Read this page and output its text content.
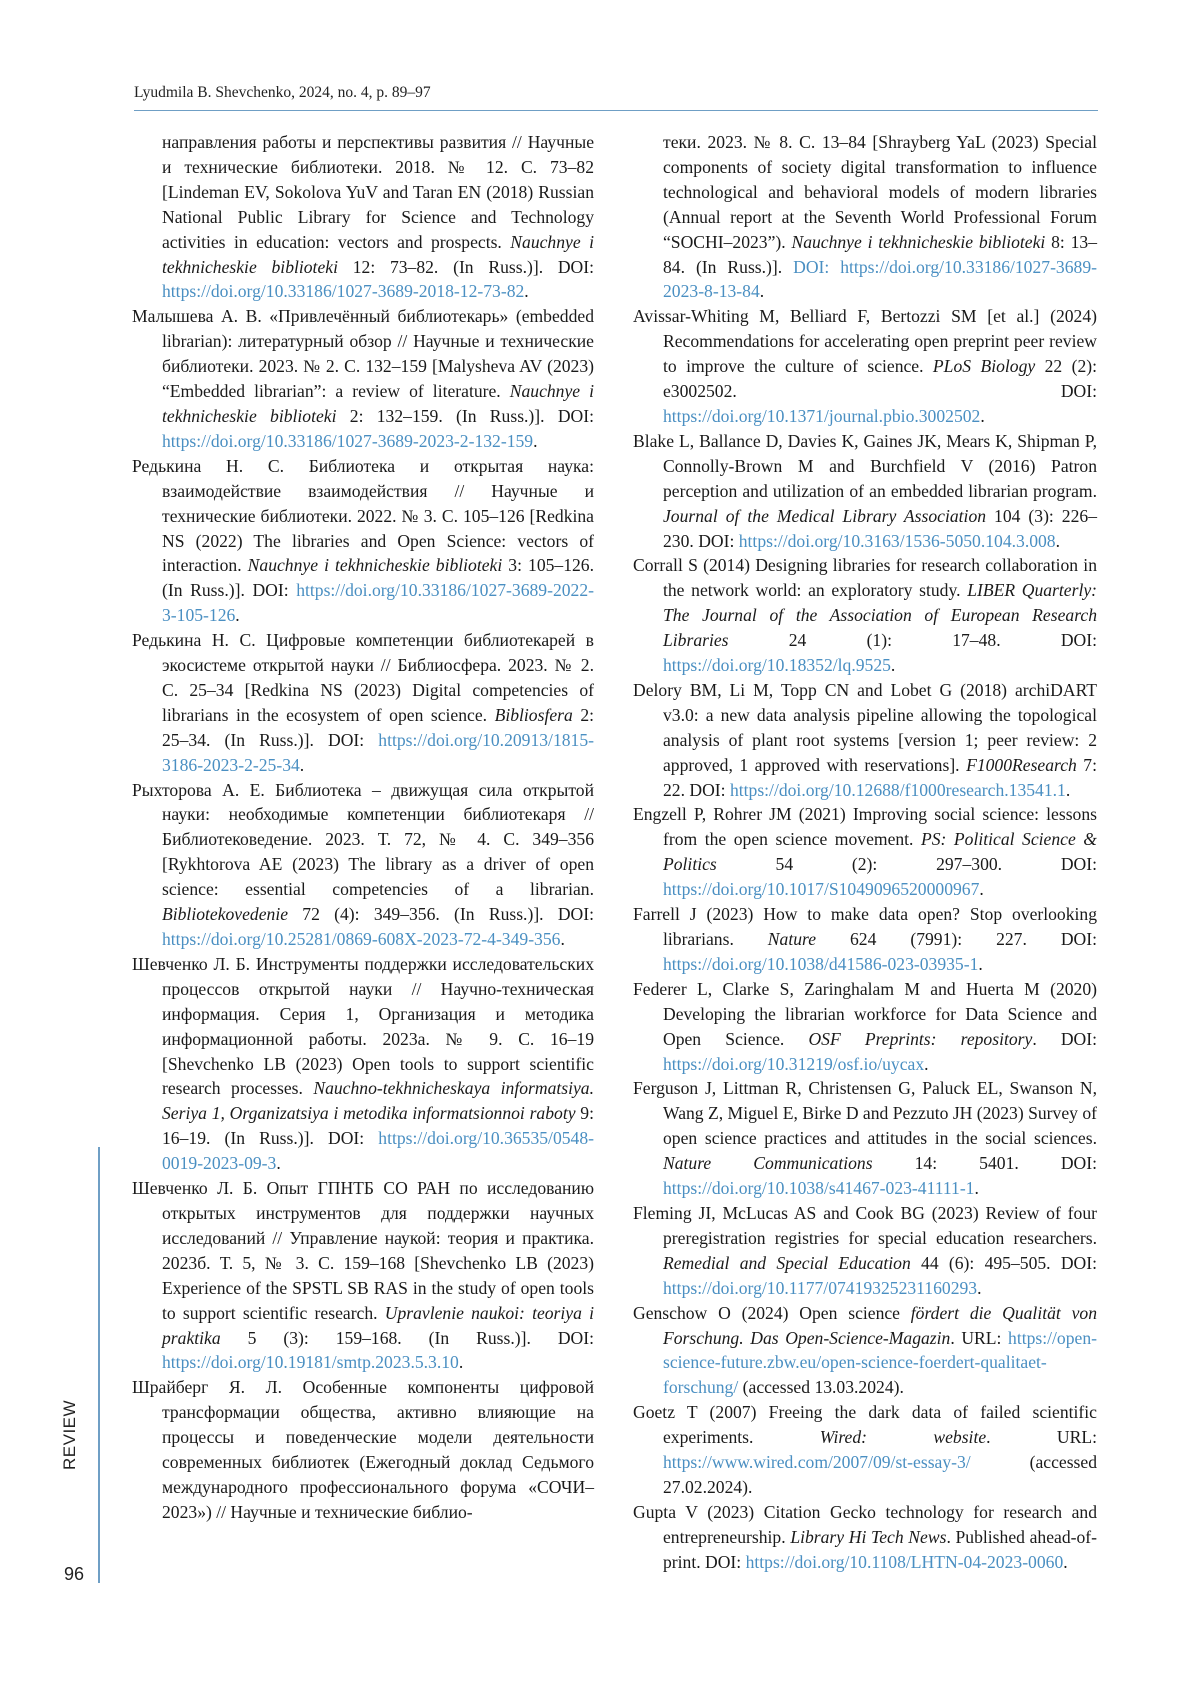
Lyudmila B. Shevchenko, 2024, no. 4, p. 89–97

направления работы и перспективы развития // Научные и технические библиотеки. 2018. № 12. С. 73–82 [Lindeman EV, Sokolova YuV and Taran EN (2018) Russian National Public Library for Science and Technology activities in education: vectors and prospects. Nauchnye i tekhnicheskie biblioteki 12: 73–82. (In Russ.)]. DOI: https://doi.org/10.33186/1027-3689-2018-12-73-82.

Малышева А. В. «Привлечённый библиотекарь» (embedded librarian): литературный обзор // Научные и технические библиотеки. 2023. № 2. С. 132–159 [Malysheva AV (2023) “Embedded librarian”: a review of literature. Nauchnye i tekhnicheskie biblioteki 2: 132–159. (In Russ.)]. DOI: https://doi.org/10.33186/1027-3689-2023-2-132-159.

Редькина Н. С. Библиотека и открытая наука: взаимодействие взаимодействия // Научные и технические библиотеки. 2022. № 3. С. 105–126 [Redkina NS (2022) The libraries and Open Science: vectors of interaction. Nauchnye i tekhnicheskie biblioteki 3: 105–126. (In Russ.)]. DOI: https://doi.org/10.33186/1027-3689-2022-3-105-126.

Редькина Н. С. Цифровые компетенции библиотекарей в экосистеме открытой науки // Библиосфера. 2023. № 2. С. 25–34 [Redkina NS (2023) Digital competencies of librarians in the ecosystem of open science. Bibliosfera 2: 25–34. (In Russ.)]. DOI: https://doi.org/10.20913/1815-3186-2023-2-25-34.

Рыхторова А. Е. Библиотека – движущая сила открытой науки: необходимые компетенции библиотекаря // Библиотековедение. 2023. Т. 72, № 4. С. 349–356 [Rykhtorova AE (2023) The library as a driver of open science: essential competencies of a librarian. Bibliotekovedenie 72 (4): 349–356. (In Russ.)]. DOI: https://doi.org/10.25281/0869-608X-2023-72-4-349-356.

Шевченко Л. Б. Инструменты поддержки исследовательских процессов открытой науки // Научно-техническая информация. Серия 1, Организация и методика информационной работы. 2023а. № 9. С. 16–19 [Shevchenko LB (2023) Open tools to support scientific research processes. Nauchno-tekhnicheskaya informatsiya. Seriya 1, Organizatsiya i metodika informatsionnoi raboty 9: 16–19. (In Russ.)]. DOI: https://doi.org/10.36535/0548-0019-2023-09-3.

Шевченко Л. Б. Опыт ГПНТБ СО РАН по исследованию открытых инструментов для поддержки научных исследований // Управление наукой: теория и практика. 2023б. Т. 5, № 3. С. 159–168 [Shevchenko LB (2023) Experience of the SPSTL SB RAS in the study of open tools to support scientific research. Upravlenie naukoi: teoriya i praktika 5 (3): 159–168. (In Russ.)]. DOI: https://doi.org/10.19181/smtp.2023.5.3.10.

Шрайберг Я. Л. Особенные компоненты цифровой трансформации общества, активно влияющие на процессы и поведенческие модели деятельности современных библиотек (Ежегодный доклад Седьмого международного профессионального форума «СОЧИ–2023») // Научные и технические библио-

теки. 2023. № 8. С. 13–84 [Shrayberg YaL (2023) Special components of society digital transformation to influence technological and behavioral models of modern libraries (Annual report at the Seventh World Professional Forum “SOCHI–2023”). Nauchnye i tekhnicheskie biblioteki 8: 13–84. (In Russ.)]. DOI: https://doi.org/10.33186/1027-3689-2023-8-13-84.

Avissar-Whiting M, Belliard F, Bertozzi SM [et al.] (2024) Recommendations for accelerating open preprint peer review to improve the culture of science. PLoS Biology 22 (2): e3002502. DOI: https://doi.org/10.1371/journal.pbio.3002502.

Blake L, Ballance D, Davies K, Gaines JK, Mears K, Shipman P, Connolly-Brown M and Burchfield V (2016) Patron perception and utilization of an embedded librarian program. Journal of the Medical Library Association 104 (3): 226–230. DOI: https://doi.org/10.3163/1536-5050.104.3.008.

Corrall S (2014) Designing libraries for research collaboration in the network world: an exploratory study. LIBER Quarterly: The Journal of the Association of European Research Libraries 24 (1): 17–48. DOI: https://doi.org/10.18352/lq.9525.

Delory BM, Li M, Topp CN and Lobet G (2018) archiDART v3.0: a new data analysis pipeline allowing the topological analysis of plant root systems [version 1; peer review: 2 approved, 1 approved with reservations]. F1000Research 7: 22. DOI: https://doi.org/10.12688/f1000research.13541.1.

Engzell P, Rohrer JM (2021) Improving social science: lessons from the open science movement. PS: Political Science & Politics 54 (2): 297–300. DOI: https://doi.org/10.1017/S1049096520000967.

Farrell J (2023) How to make data open? Stop overlooking librarians. Nature 624 (7991): 227. DOI: https://doi.org/10.1038/d41586-023-03935-1.

Federer L, Clarke S, Zaringhalam M and Huerta M (2020) Developing the librarian workforce for Data Science and Open Science. OSF Preprints: repository. DOI: https://doi.org/10.31219/osf.io/uycax.

Ferguson J, Littman R, Christensen G, Paluck EL, Swanson N, Wang Z, Miguel E, Birke D and Pezzuto JH (2023) Survey of open science practices and attitudes in the social sciences. Nature Communications 14: 5401. DOI: https://doi.org/10.1038/s41467-023-41111-1.

Fleming JI, McLucas AS and Cook BG (2023) Review of four preregistration registries for special education researchers. Remedial and Special Education 44 (6): 495–505. DOI: https://doi.org/10.1177/07419325231160293.

Genschow O (2024) Open science fördert die Qualität von Forschung. Das Open-Science-Magazin. URL: https://open-science-future.zbw.eu/open-science-foerdert-qualitaet-forschung/ (accessed 13.03.2024).

Goetz T (2007) Freeing the dark data of failed scientific experiments. Wired: website. URL: https://www.wired.com/2007/09/st-essay-3/ (accessed 27.02.2024).

Gupta V (2023) Citation Gecko technology for research and entrepreneurship. Library Hi Tech News. Published ahead-of-print. DOI: https://doi.org/10.1108/LHTN-04-2023-0060.

REVIEW
96
